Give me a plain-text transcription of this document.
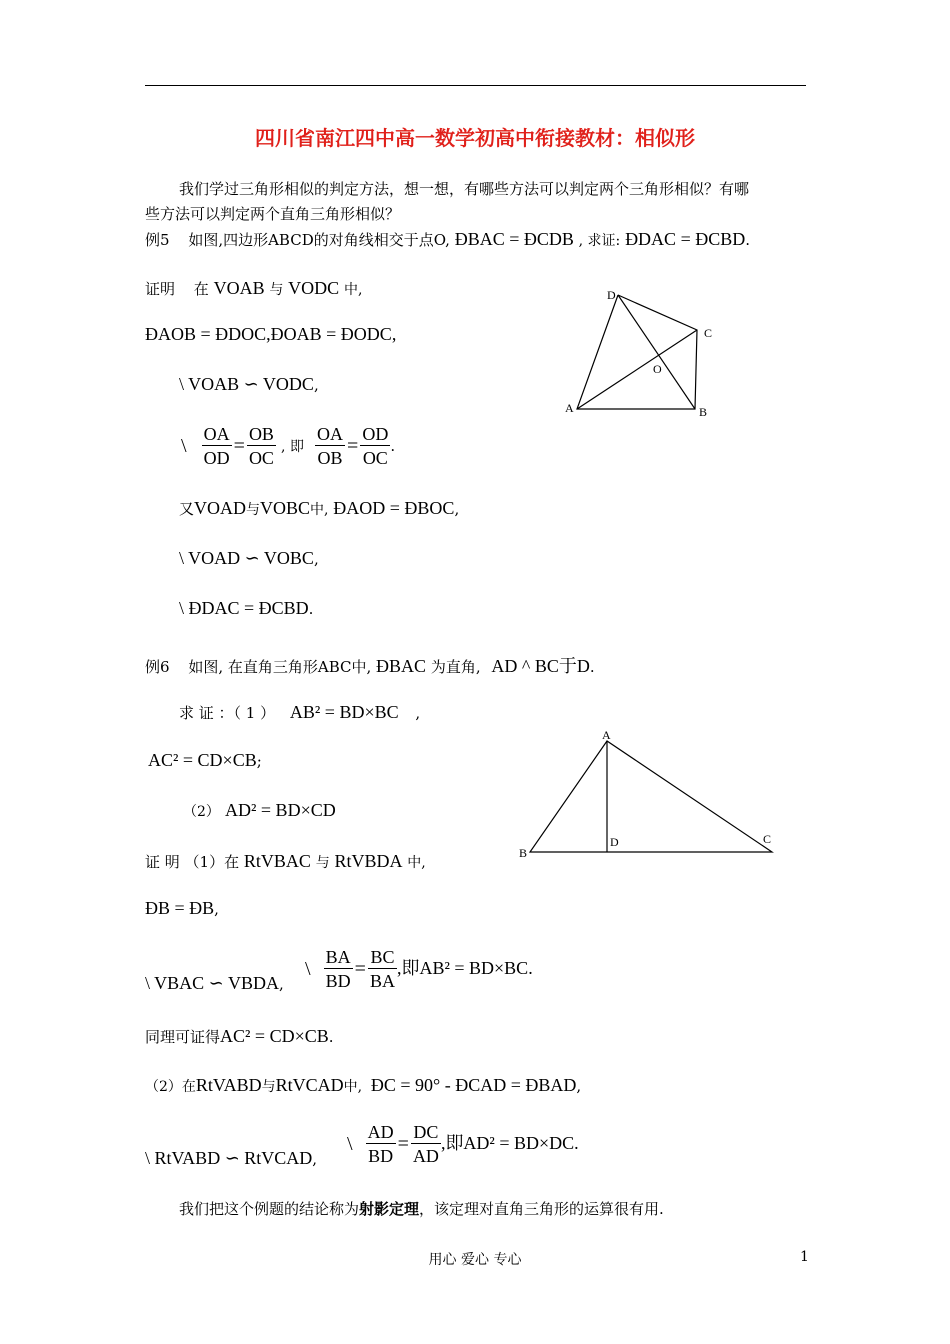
四川省南江四中高一数学初高中衔接教材：相似形
我们学过三角形相似的判定方法，想一想，有哪些方法可以判定两个三角形相似？有哪
些方法可以判定两个直角三角形相似？
例5 如图,四边形ABCD的对角线相交于点O, ÐBAC = ÐCDB , 求证: ÐDAC = ÐCBD.
证明 在 VOAB 与 VODC 中,
ÐAOB = ÐDOC,ÐOAB = ÐODC,
\ VOAB ∽ VODC,
\ $\frac{OA}{OD} = \frac{OB}{OC}$ , 即 $\frac{OA}{OB} = \frac{OD}{OC}$ .
又VOAD与VOBC中, ÐAOD = ÐBOC,
\ VOAD ∽ VOBC,
\ ÐDAC = ÐCBD.
D
C
O
A	B
例6 如图, 在直角三角形ABC中, ÐBAC 为直角, AD ^ BC于D.
求 证 ：（ 1 ） AB² = BD×BC ,
AC² = CD×CB;
（2） AD² = BD×CD
证 明 （1）在 RtVBAC 与 RtVBDA 中,
ÐB = ÐB,
\ VBAC ∽ VBDA,
\ $\frac{BA}{BD} = \frac{BC}{BA}$ ,即AB² = BD×BC.
同理可证得AC² = CD×CB.
（2）在RtVABD与RtVCAD中, ÐC = 90° - ÐCAD = ÐBAD,
\ RtVABD ∽ RtVCAD,
\ $\frac{AD}{BD} = \frac{DC}{AD}$ ,即AD² = BD×DC.
A
B
C
D
我们把这个例题的结论称为射影定理，该定理对直角三角形的运算很有用.
用心 爱心 专心	1
